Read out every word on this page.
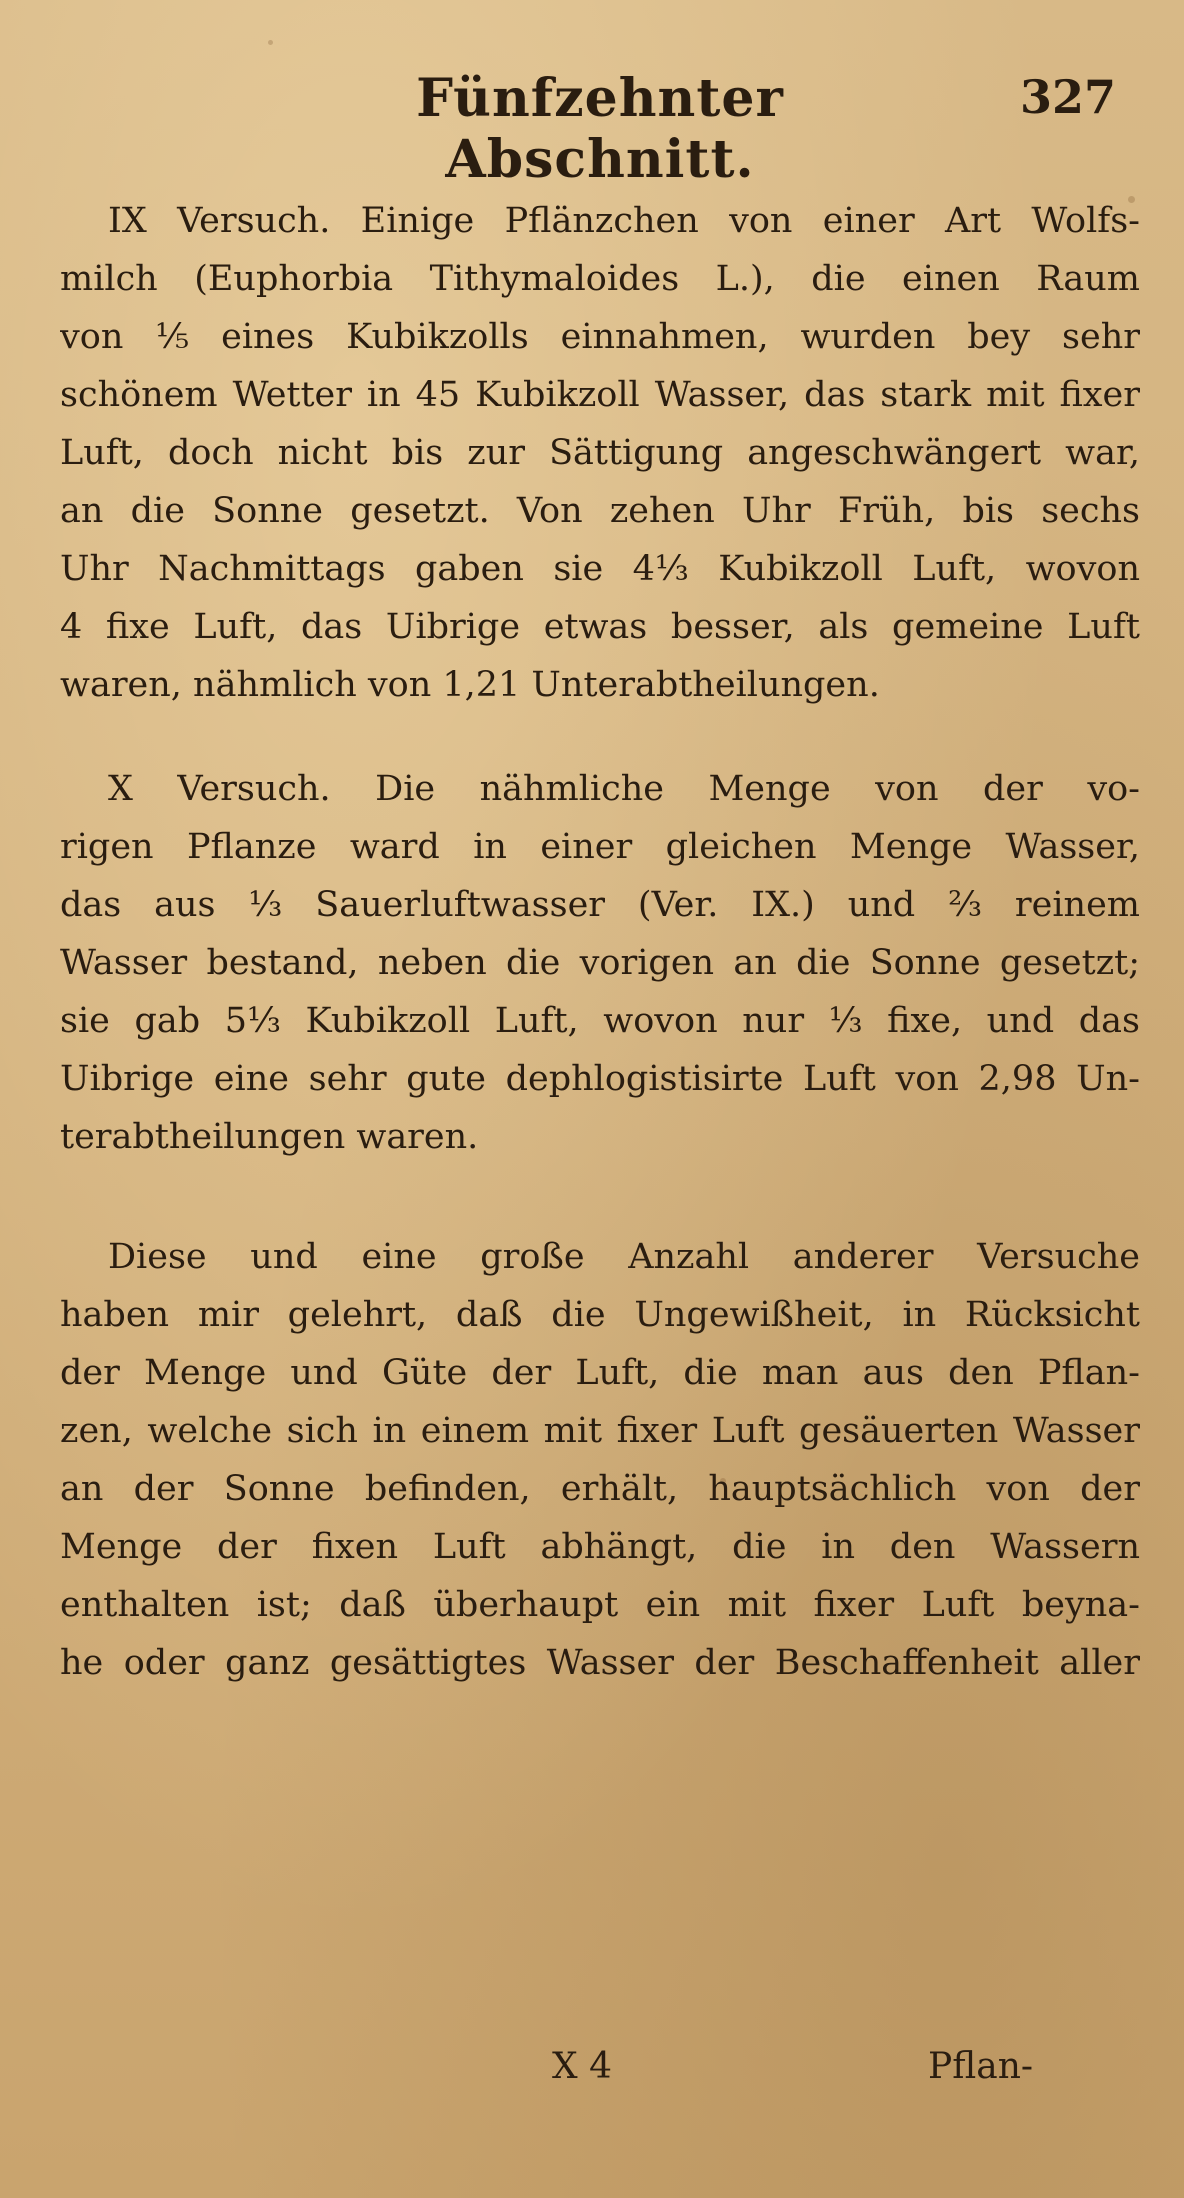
Fünfzehnter Abschnitt.
327
IX Versuch. Einige Pflänzchen von einer Art Wolfs-
milch (Euphorbia Tithymaloides L.), die einen Raum
von ⅕ eines Kubikzolls einnahmen, wurden bey sehr
schönem Wetter in 45 Kubikzoll Wasser, das stark mit fixer
Luft, doch nicht bis zur Sättigung angeschwängert war,
an die Sonne gesetzt. Von zehen Uhr Früh, bis sechs
Uhr Nachmittags gaben sie 4⅓ Kubikzoll Luft, wovon
4 fixe Luft, das Uibrige etwas besser, als gemeine Luft
waren, nähmlich von 1,21 Unterabtheilungen.
X Versuch. Die nähmliche Menge von der vo-
rigen Pflanze ward in einer gleichen Menge Wasser,
das aus ⅓ Sauerluftwasser (Ver. IX.) und ⅔ reinem
Wasser bestand, neben die vorigen an die Sonne gesetzt;
sie gab 5⅓ Kubikzoll Luft, wovon nur ⅓ fixe, und das
Uibrige eine sehr gute dephlogistisirte Luft von 2,98 Un-
terabtheilungen waren.
Diese und eine große Anzahl anderer Versuche
haben mir gelehrt, daß die Ungewißheit, in Rücksicht
der Menge und Güte der Luft, die man aus den Pflan-
zen, welche sich in einem mit fixer Luft gesäuerten Wasser
an der Sonne befinden, erhält, hauptsächlich von der
Menge der fixen Luft abhängt, die in den Wassern
enthalten ist; daß überhaupt ein mit fixer Luft beyna-
he oder ganz gesättigtes Wasser der Beschaffenheit aller
X 4	Pflan-
